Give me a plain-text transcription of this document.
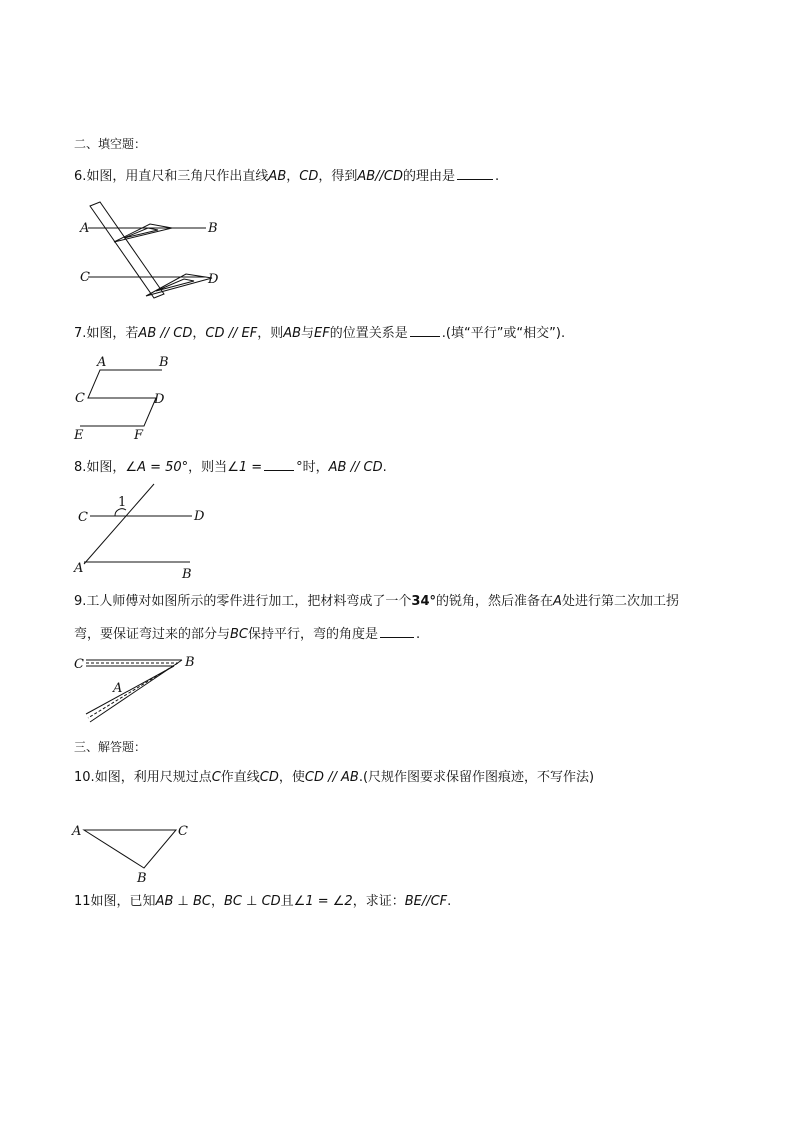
二、填空题：
6.如图，用直尺和三角尺作出直线AB，CD，得到AB//CD的理由是	.
A	B
C	D
7.如图，若AB // CD，CD // EF，则AB与EF的位置关系是	.(填“平行”或“相交”).
A	B
C	D
E	F
8.如图，∠A = 50°，则当∠1 =	°时，AB // CD.
1
C	D
A	B
9.工人师傅对如图所示的零件进行加工，把材料弯成了一个34°的锐角，然后准备在A处进行第二次加工拐
弯，要保证弯过来的部分与BC保持平行，弯的角度是	.
C	B
A
三、解答题：
10.如图，利用尺规过点C作直线CD，使CD // AB.(尺规作图要求保留作图痕迹，不写作法)
A	C
B
11如图，已知AB ⊥ BC，BC ⊥ CD且∠1 = ∠2，求证：BE//CF.
